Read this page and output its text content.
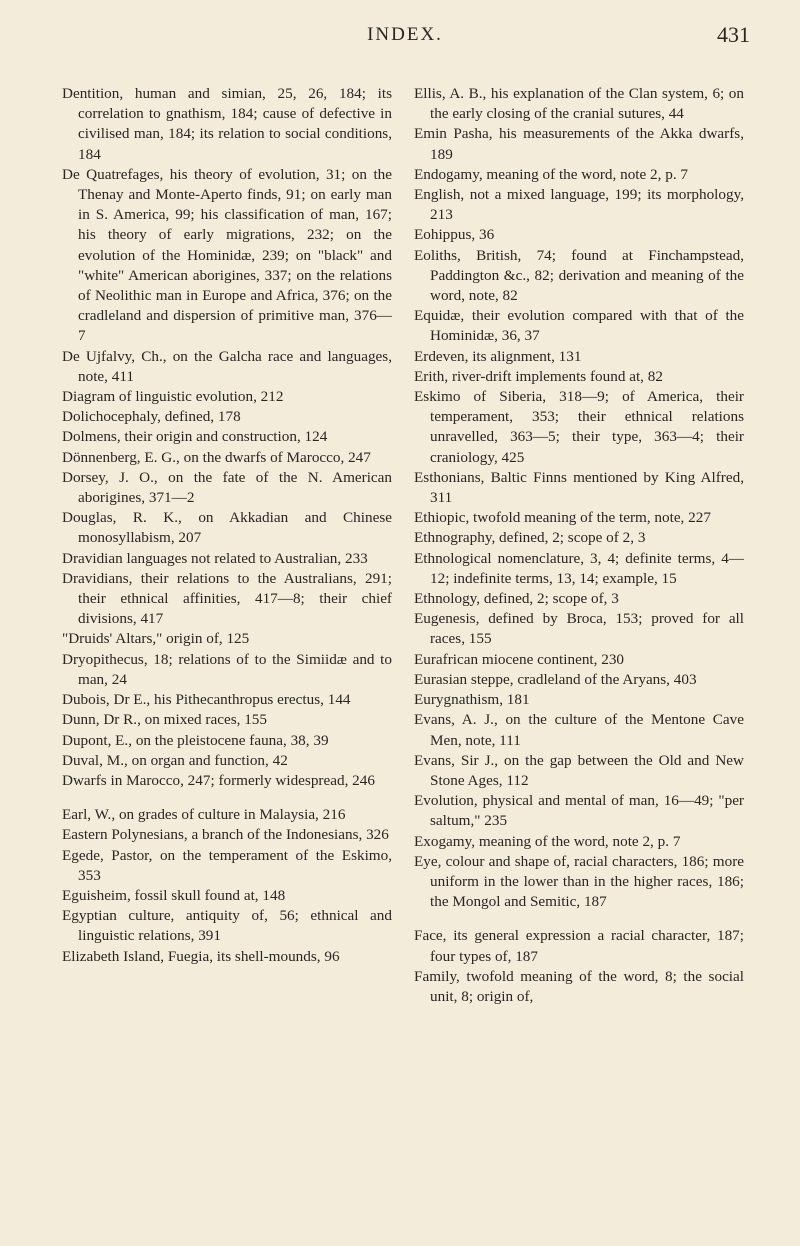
INDEX.	431

Dentition, human and simian, 25, 26, 184; its correlation to gnathism, 184; cause of defective in civilised man, 184; its relation to social conditions, 184

De Quatrefages, his theory of evolution, 31; on the Thenay and Monte-Aperto finds, 91; on early man in S. America, 99; his classification of man, 167; his theory of early migrations, 232; on the evolution of the Hominidæ, 239; on "black" and "white" American aborigines, 337; on the relations of Neolithic man in Europe and Africa, 376; on the cradleland and dispersion of primitive man, 376—7

De Ujfalvy, Ch., on the Galcha race and languages, note, 411

Diagram of linguistic evolution, 212

Dolichocephaly, defined, 178

Dolmens, their origin and construction, 124

Dönnenberg, E. G., on the dwarfs of Marocco, 247

Dorsey, J. O., on the fate of the N. American aborigines, 371—2

Douglas, R. K., on Akkadian and Chinese monosyllabism, 207

Dravidian languages not related to Australian, 233

Dravidians, their relations to the Australians, 291; their ethnical affinities, 417—8; their chief divisions, 417

"Druids' Altars," origin of, 125

Dryopithecus, 18; relations of to the Simiidæ and to man, 24

Dubois, Dr E., his Pithecanthropus erectus, 144

Dunn, Dr R., on mixed races, 155

Dupont, E., on the pleistocene fauna, 38, 39

Duval, M., on organ and function, 42

Dwarfs in Marocco, 247; formerly widespread, 246

Earl, W., on grades of culture in Malaysia, 216

Eastern Polynesians, a branch of the Indonesians, 326

Egede, Pastor, on the temperament of the Eskimo, 353

Eguisheim, fossil skull found at, 148

Egyptian culture, antiquity of, 56; ethnical and linguistic relations, 391

Elizabeth Island, Fuegia, its shell-mounds, 96

Ellis, A. B., his explanation of the Clan system, 6; on the early closing of the cranial sutures, 44

Emin Pasha, his measurements of the Akka dwarfs, 189

Endogamy, meaning of the word, note 2, p. 7

English, not a mixed language, 199; its morphology, 213

Eohippus, 36

Eoliths, British, 74; found at Finchampstead, Paddington &c., 82; derivation and meaning of the word, note, 82

Equidæ, their evolution compared with that of the Hominidæ, 36, 37

Erdeven, its alignment, 131

Erith, river-drift implements found at, 82

Eskimo of Siberia, 318—9; of America, their temperament, 353; their ethnical relations unravelled, 363—5; their type, 363—4; their craniology, 425

Esthonians, Baltic Finns mentioned by King Alfred, 311

Ethiopic, twofold meaning of the term, note, 227

Ethnography, defined, 2; scope of 2, 3

Ethnological nomenclature, 3, 4; definite terms, 4—12; indefinite terms, 13, 14; example, 15

Ethnology, defined, 2; scope of, 3

Eugenesis, defined by Broca, 153; proved for all races, 155

Eurafrican miocene continent, 230

Eurasian steppe, cradleland of the Aryans, 403

Eurygnathism, 181

Evans, A. J., on the culture of the Mentone Cave Men, note, 111

Evans, Sir J., on the gap between the Old and New Stone Ages, 112

Evolution, physical and mental of man, 16—49; "per saltum," 235

Exogamy, meaning of the word, note 2, p. 7

Eye, colour and shape of, racial characters, 186; more uniform in the lower than in the higher races, 186; the Mongol and Semitic, 187

Face, its general expression a racial character, 187; four types of, 187

Family, twofold meaning of the word, 8; the social unit, 8; origin of,
